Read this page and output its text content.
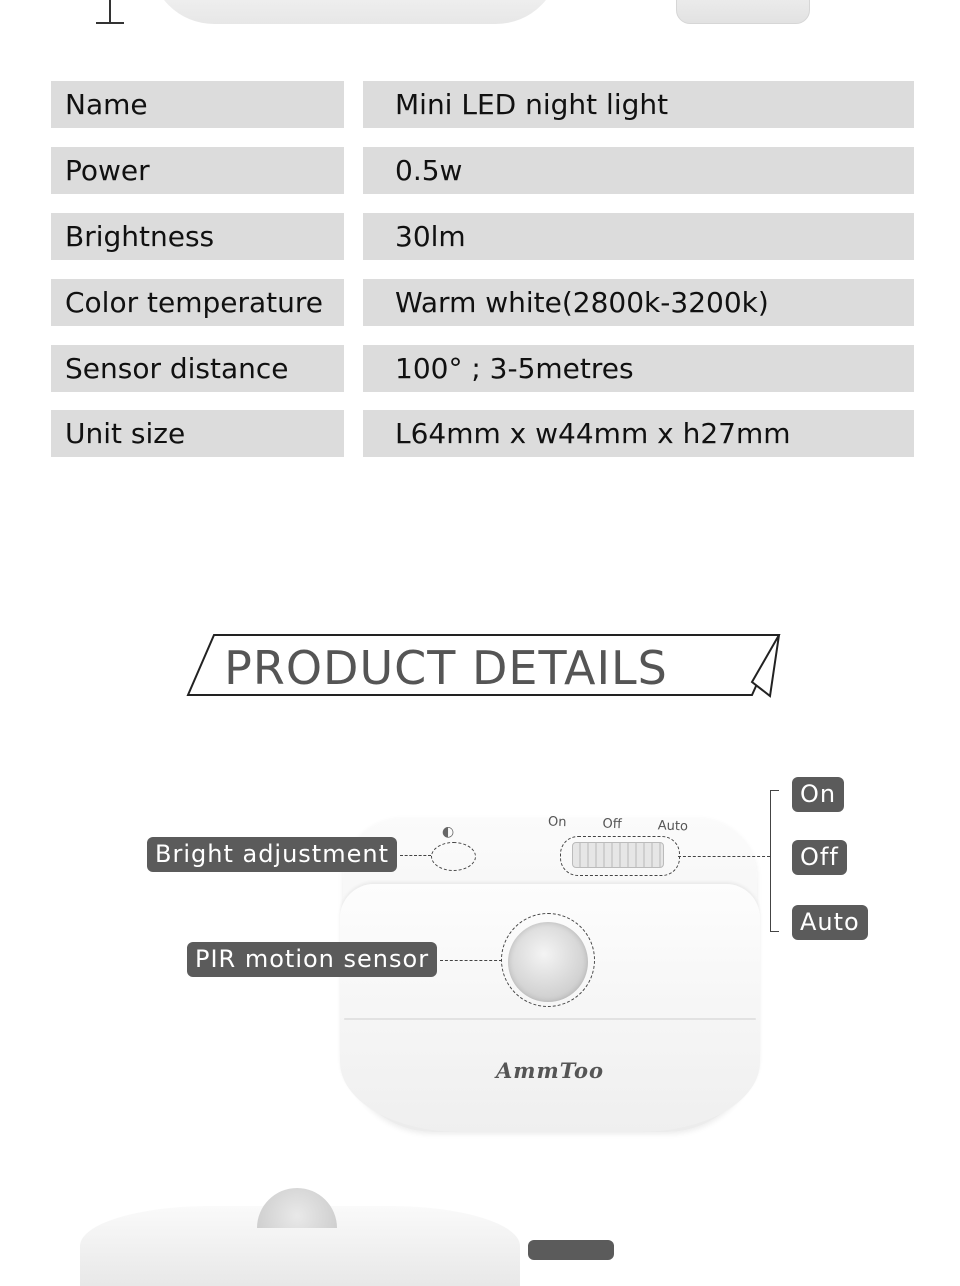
Name	Mini LED night light
Power	0.5w
Brightness	30lm
Color temperature	Warm white(2800k-3200k)
Sensor distance	100° ; 3-5metres
Unit size	L64mm x w44mm x h27mm
PRODUCT DETAILS
AmmToo
On	Off	Auto
◐
Bright adjustment
PIR motion sensor
On
Off
Auto
